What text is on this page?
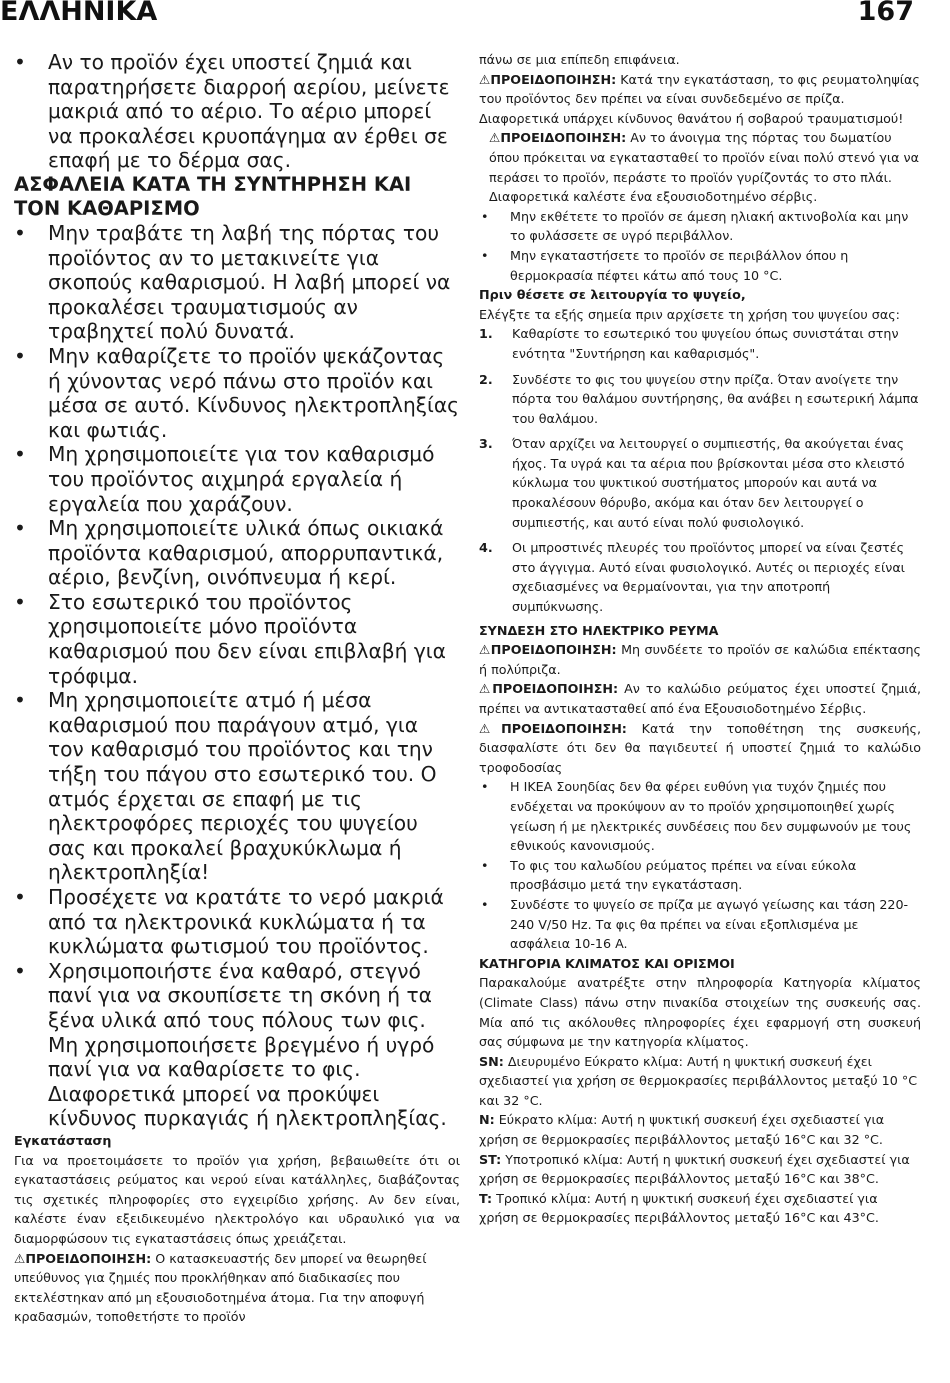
ΕΛΛΗΝΙΚΑ	167

• Αν το προϊόν έχει υποστεί ζημιά και παρατηρήσετε διαρροή αερίου, μείνετε μακριά από το αέριο. Το αέριο μπορεί να προκαλέσει κρυοπάγημα αν έρθει σε επαφή με το δέρμα σας.

ΑΣΦΑΛΕΙΑ ΚΑΤΑ ΤΗ ΣΥΝΤΗΡΗΣΗ ΚΑΙ ΤΟΝ ΚΑΘΑΡΙΣΜΟ

• Μην τραβάτε τη λαβή της πόρτας του προϊόντος αν το μετακινείτε για σκοπούς καθαρισμού. Η λαβή μπορεί να προκαλέσει τραυματισμούς αν τραβηχτεί πολύ δυνατά.

• Μην καθαρίζετε το προϊόν ψεκάζοντας ή χύνοντας νερό πάνω στο προϊόν και μέσα σε αυτό. Κίνδυνος ηλεκτροπληξίας και φωτιάς.

• Μη χρησιμοποιείτε για τον καθαρισμό του προϊόντος αιχμηρά εργαλεία ή εργαλεία που χαράζουν.

• Μη χρησιμοποιείτε υλικά όπως οικιακά προϊόντα καθαρισμού, απορρυπαντικά, αέριο, βενζίνη, οινόπνευμα ή κερί.

• Στο εσωτερικό του προϊόντος χρησιμοποιείτε μόνο προϊόντα καθαρισμού που δεν είναι επιβλαβή για τρόφιμα.

• Μη χρησιμοποιείτε ατμό ή μέσα καθαρισμού που παράγουν ατμό, για τον καθαρισμό του προϊόντος και την τήξη του πάγου στο εσωτερικό του. Ο ατμός έρχεται σε επαφή με τις ηλεκτροφόρες περιοχές του ψυγείου σας και προκαλεί βραχυκύκλωμα ή ηλεκτροπληξία!

• Προσέχετε να κρατάτε το νερό μακριά από τα ηλεκτρονικά κυκλώματα ή τα κυκλώματα φωτισμού του προϊόντος.

• Χρησιμοποιήστε ένα καθαρό, στεγνό πανί για να σκουπίσετε τη σκόνη ή τα ξένα υλικά από τους πόλους των φις. Μη χρησιμοποιήσετε βρεγμένο ή υγρό πανί για να καθαρίσετε το φις. Διαφορετικά μπορεί να προκύψει κίνδυνος πυρκαγιάς ή ηλεκτροπληξίας.

Εγκατάσταση

Για να προετοιμάσετε το προϊόν για χρήση, βεβαιωθείτε ότι οι εγκαταστάσεις ρεύματος και νερού είναι κατάλληλες, διαβάζοντας τις σχετικές πληροφορίες στο εγχειρίδιο χρήσης. Αν δεν είναι, καλέστε έναν εξειδικευμένο ηλεκτρολόγο και υδραυλικό για να διαμορφώσουν τις εγκαταστάσεις όπως χρειάζεται.

⚠ΠΡΟΕΙΔΟΠΟΙΗΣΗ: Ο κατασκευαστής δεν μπορεί να θεωρηθεί υπεύθυνος για ζημιές που προκλήθηκαν από διαδικασίες που εκτελέστηκαν από μη εξουσιοδοτημένα άτομα. Για την αποφυγή κραδασμών, τοποθετήστε το προϊόν

πάνω σε μια επίπεδη επιφάνεια.

⚠ΠΡΟΕΙΔΟΠΟΙΗΣΗ: Κατά την εγκατάσταση, το φις ρευματοληψίας του προϊόντος δεν πρέπει να είναι συνδεδεμένο σε πρίζα. Διαφορετικά υπάρχει κίνδυνος θανάτου ή σοβαρού τραυματισμού!

⚠ΠΡΟΕΙΔΟΠΟΙΗΣΗ: Αν το άνοιγμα της πόρτας του δωματίου όπου πρόκειται να εγκατασταθεί το προϊόν είναι πολύ στενό για να περάσει το προϊόν, περάστε το προϊόν γυρίζοντάς το στο πλάι. Διαφορετικά καλέστε ένα εξουσιοδοτημένο σέρβις.

• Μην εκθέτετε το προϊόν σε άμεση ηλιακή ακτινοβολία και μην το φυλάσσετε σε υγρό περιβάλλον.

• Μην εγκαταστήσετε το προϊόν σε περιβάλλον όπου η θερμοκρασία πέφτει κάτω από τους 10 °C.

Πριν θέσετε σε λειτουργία το ψυγείο,

Ελέγξτε τα εξής σημεία πριν αρχίσετε τη χρήση του ψυγείου σας:

1. Καθαρίστε το εσωτερικό του ψυγείου όπως συνιστάται στην ενότητα "Συντήρηση και καθαρισμός".

2. Συνδέστε το φις του ψυγείου στην πρίζα. Όταν ανοίγετε την πόρτα του θαλάμου συντήρησης, θα ανάβει η εσωτερική λάμπα του θαλάμου.

3. Όταν αρχίζει να λειτουργεί ο συμπιεστής, θα ακούγεται ένας ήχος. Τα υγρά και τα αέρια που βρίσκονται μέσα στο κλειστό κύκλωμα του ψυκτικού συστήματος μπορούν και αυτά να προκαλέσουν θόρυβο, ακόμα και όταν δεν λειτουργεί ο συμπιεστής, και αυτό είναι πολύ φυσιολογικό.

4. Οι μπροστινές πλευρές του προϊόντος μπορεί να είναι ζεστές στο άγγιγμα. Αυτό είναι φυσιολογικό. Αυτές οι περιοχές είναι σχεδιασμένες να θερμαίνονται, για την αποτροπή συμπύκνωσης.

ΣΥΝΔΕΣΗ ΣΤΟ ΗΛΕΚΤΡΙΚΟ ΡΕΥΜΑ

⚠ΠΡΟΕΙΔΟΠΟΙΗΣΗ: Μη συνδέετε το προϊόν σε καλώδια επέκτασης ή πολύπριζα.

⚠ΠΡΟΕΙΔΟΠΟΙΗΣΗ: Αν το καλώδιο ρεύματος έχει υποστεί ζημιά, πρέπει να αντικατασταθεί από ένα Εξουσιοδοτημένο Σέρβις.

⚠ΠΡΟΕΙΔΟΠΟΙΗΣΗ: Κατά την τοποθέτηση της συσκευής, διασφαλίστε ότι δεν θα παγιδευτεί ή υποστεί ζημιά το καλώδιο τροφοδοσίας

• Η IKEA Σουηδίας δεν θα φέρει ευθύνη για τυχόν ζημιές που ενδέχεται να προκύψουν αν το προϊόν χρησιμοποιηθεί χωρίς γείωση ή με ηλεκτρικές συνδέσεις που δεν συμφωνούν με τους εθνικούς κανονισμούς.

• Το φις του καλωδίου ρεύματος πρέπει να είναι εύκολα προσβάσιμο μετά την εγκατάσταση.

• Συνδέστε το ψυγείο σε πρίζα με αγωγό γείωσης και τάση 220-240 V/50 Hz. Τα φις θα πρέπει να είναι εξοπλισμένα με ασφάλεια 10-16 A.

ΚΑΤΗΓΟΡΙΑ ΚΛΙΜΑΤΟΣ ΚΑΙ ΟΡΙΣΜΟΙ

Παρακαλούμε ανατρέξτε στην πληροφορία Κατηγορία κλίματος (Climate Class) πάνω στην πινακίδα στοιχείων της συσκευής σας. Μία από τις ακόλουθες πληροφορίες έχει εφαρμογή στη συσκευή σας σύμφωνα με την κατηγορία κλίματος.

SN: Διευρυμένο Εύκρατο κλίμα: Αυτή η ψυκτική συσκευή έχει σχεδιαστεί για χρήση σε θερμοκρασίες περιβάλλοντος μεταξύ 10 °C και 32 °C.

N: Εύκρατο κλίμα: Αυτή η ψυκτική συσκευή έχει σχεδιαστεί για χρήση σε θερμοκρασίες περιβάλλοντος μεταξύ 16°C και 32 °C.

ST: Υποτροπικό κλίμα: Αυτή η ψυκτική συσκευή έχει σχεδιαστεί για χρήση σε θερμοκρασίες περιβάλλοντος μεταξύ 16°C και 38°C.

T: Τροπικό κλίμα: Αυτή η ψυκτική συσκευή έχει σχεδιαστεί για χρήση σε θερμοκρασίες περιβάλλοντος μεταξύ 16°C και 43°C.
